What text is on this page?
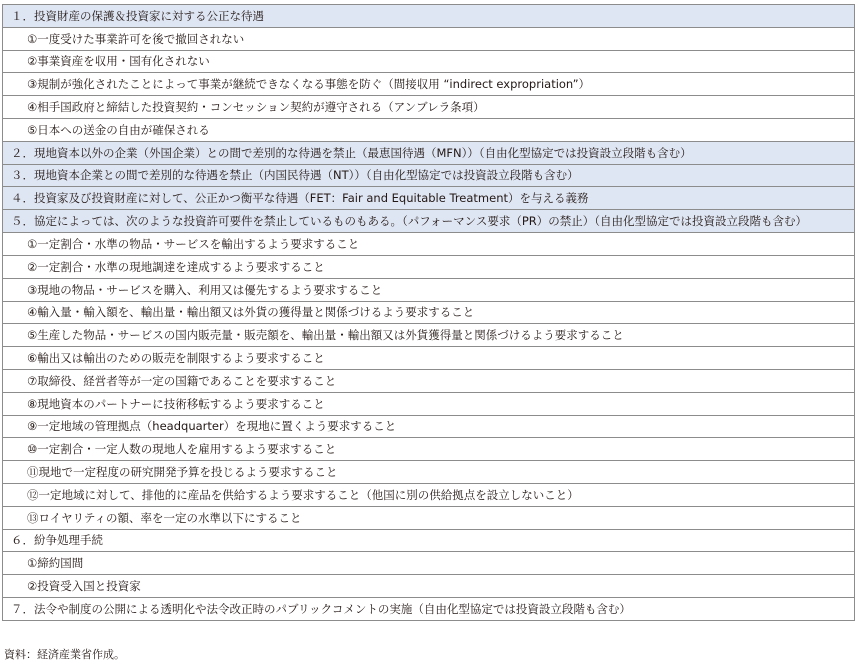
１．投資財産の保護＆投資家に対する公正な待遇
①一度受けた事業許可を後で撤回されない
②事業資産を収用・国有化されない
③規制が強化されたことによって事業が継続できなくなる事態を防ぐ（間接収用 “indirect expropriation”）
④相手国政府と締結した投資契約・コンセッション契約が遵守される（アンブレラ条項）
⑤日本への送金の自由が確保される
２．現地資本以外の企業（外国企業）との間で差別的な待遇を禁止（最恵国待遇（MFN））（自由化型協定では投資設立段階も含む）
３．現地資本企業との間で差別的な待遇を禁止（内国民待遇（NT））（自由化型協定では投資設立段階も含む）
４．投資家及び投資財産に対して、公正かつ衡平な待遇（FET：Fair and Equitable Treatment）を与える義務
５．協定によっては、次のような投資許可要件を禁止しているものもある。（パフォーマンス要求（PR）の禁止）（自由化型協定では投資設立段階も含む）
①一定割合・水準の物品・サービスを輸出するよう要求すること
②一定割合・水準の現地調達を達成するよう要求すること
③現地の物品・サービスを購入、利用又は優先するよう要求すること
④輸入量・輸入額を、輸出量・輸出額又は外貨の獲得量と関係づけるよう要求すること
⑤生産した物品・サービスの国内販売量・販売額を、輸出量・輸出額又は外貨獲得量と関係づけるよう要求すること
⑥輸出又は輸出のための販売を制限するよう要求すること
⑦取締役、経営者等が一定の国籍であることを要求すること
⑧現地資本のパートナーに技術移転するよう要求すること
⑨一定地域の管理拠点（headquarter）を現地に置くよう要求すること
⑩一定割合・一定人数の現地人を雇用するよう要求すること
⑪現地で一定程度の研究開発予算を投じるよう要求すること
⑫一定地域に対して、排他的に産品を供給するよう要求すること（他国に別の供給拠点を設立しないこと）
⑬ロイヤリティの額、率を一定の水準以下にすること
６．紛争処理手続
①締約国間
②投資受入国と投資家
７．法令や制度の公開による透明化や法令改正時のパブリックコメントの実施（自由化型協定では投資設立段階も含む）
資料：経済産業省作成。
